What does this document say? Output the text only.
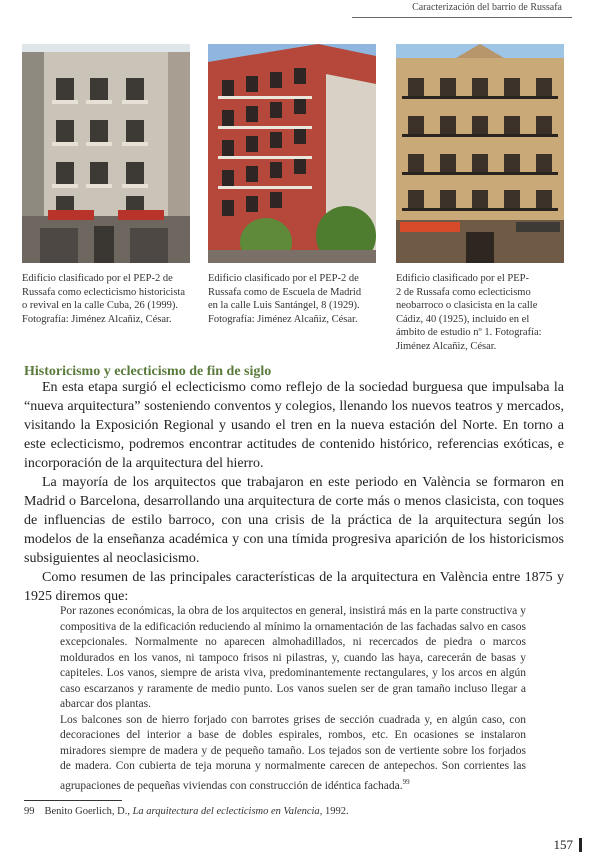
Caracterización del barrio de Russafa
Edificio clasificado por el PEP-2 de
Russafa como eclecticismo historicista
o revival en la calle Cuba, 26 (1999).
Fotografía: Jiménez Alcañiz, César.
Edificio clasificado por el PEP-2 de
Russafa como de Escuela de Madrid
en la calle Luis Santángel, 8 (1929).
Fotografía: Jiménez Alcañiz, César.
Edificio clasificado por el PEP-
2 de Russafa como eclecticismo
neobarroco o clasicista en la calle
Cádiz, 40 (1925), incluido en el
ámbito de estudio nº 1. Fotografía:
Jiménez Alcañiz, César.
Historicismo y eclecticismo de fin de siglo

En esta etapa surgió el eclecticismo como reflejo de la sociedad burguesa que impulsaba la “nueva arquitectura” sosteniendo conventos y colegios, llenando los nuevos teatros y mercados, visitando la Exposición Regional y usando el tren en la nueva estación del Norte. En torno a este eclecticismo, podremos encontrar actitudes de contenido histórico, referencias exóticas, e incorporación de la arquitectura del hierro.

La mayoría de los arquitectos que trabajaron en este periodo en València se formaron en Madrid o Barcelona, desarrollando una arquitectura de corte más o menos clasicista, con toques de influencias de estilo barroco, con una crisis de la práctica de la arquitectura según los modelos de la enseñanza académica y con una tímida progresiva aparición de los historicismos subsiguientes al neoclasicismo.

Como resumen de las principales características de la arquitectura en València entre 1875 y 1925 diremos que:

Por razones económicas, la obra de los arquitectos en general, insistirá más en la parte constructiva y compositiva de la edificación reduciendo al mínimo la ornamentación de las fachadas salvo en casos excepcionales. Normalmente no aparecen almohadillados, ni recercados de piedra o marcos moldurados en los vanos, ni tampoco frisos ni pilastras, y, cuando las haya, carecerán de basas y capiteles. Los vanos, siempre de arista viva, predominantemente rectangulares, y los arcos en algún caso escarzanos y raramente de medio punto. Los vanos suelen ser de gran tamaño incluso llegar a abarcar dos plantas.

Los balcones son de hierro forjado con barrotes grises de sección cuadrada y, en algún caso, con decoraciones del interior a base de dobles espirales, rombos, etc. En ocasiones se instalaron miradores siempre de madera y de pequeño tamaño. Los tejados son de vertiente sobre los forjados de madera. Con cubierta de teja moruna y normalmente carecen de antepechos. Son corrientes las agrupaciones de pequeñas viviendas con construcción de idéntica fachada.$^{99}$

99 Benito Goerlich, D., La arquitectura del eclecticismo en Valencia, 1992.
157
